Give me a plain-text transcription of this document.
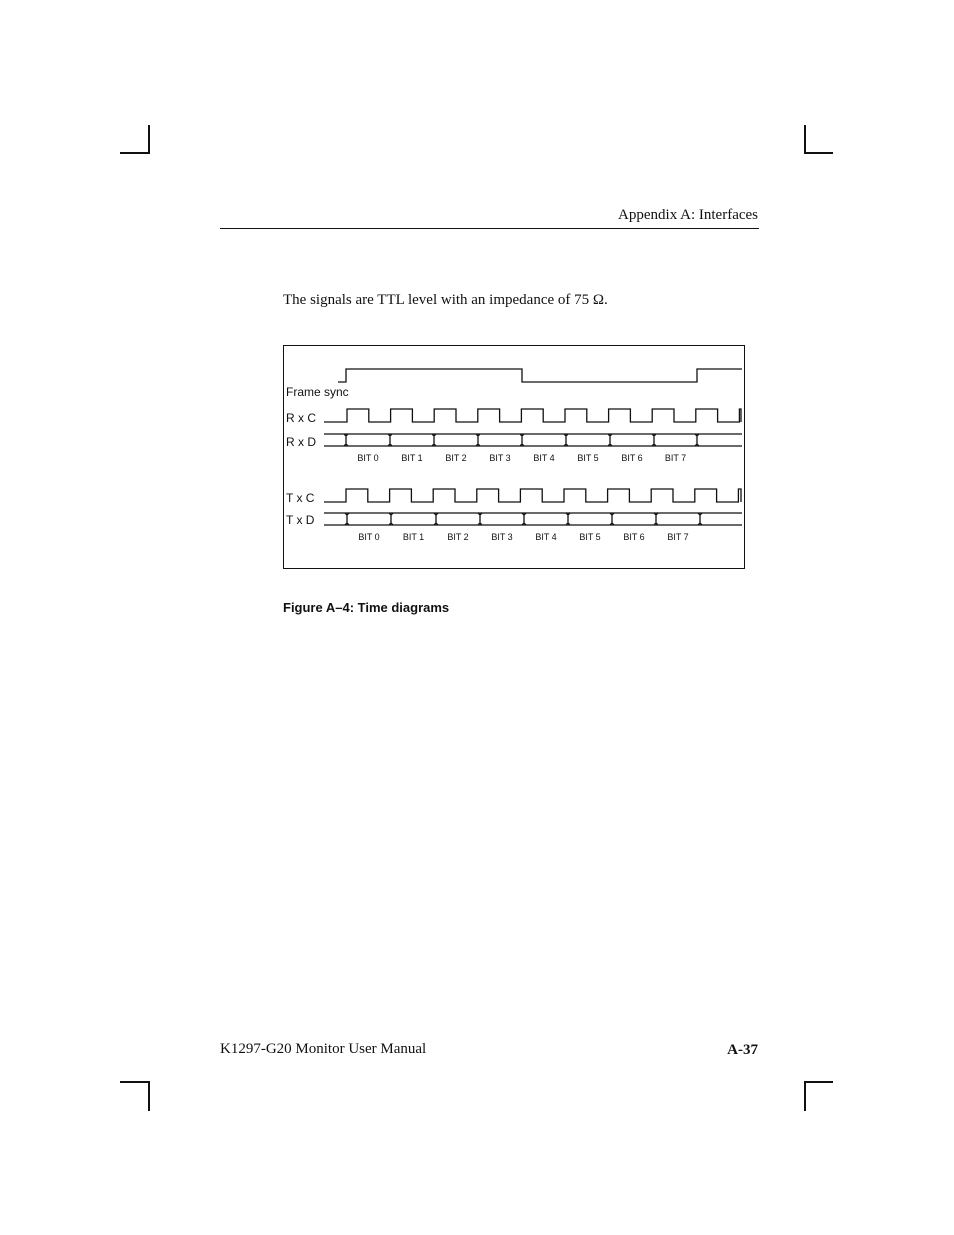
Appendix A: Interfaces
The signals are TTL level with an impedance of 75 Ω.
BIT 0	BIT 1	BIT 2	BIT 3	BIT 4	BIT 5	BIT 6 BIT 7
BIT 0	BIT 1	BIT 2	BIT 3	BIT 4	BIT 5	BIT 6	BIT 7
Frame sync
R x C
R x D
T x C
T x D
Figure A–4: Time diagrams
K1297-G20 Monitor User Manual	A-37
